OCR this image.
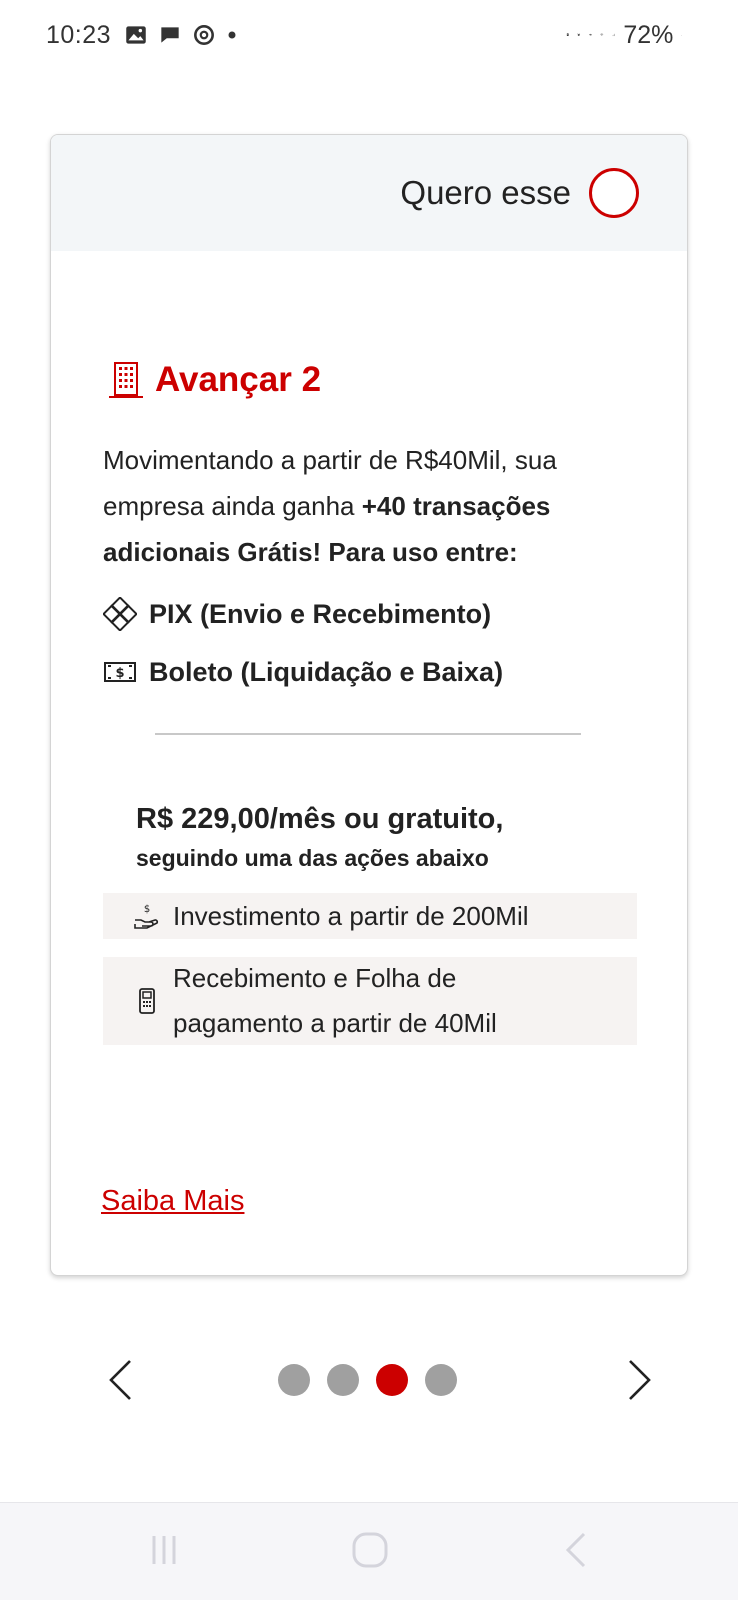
10:23	72%
Quero esse
Avançar 2

Movimentando a partir de R$40Mil, sua empresa ainda ganha +40 transações adicionais Grátis! Para uso entre:

PIX (Envio e Recebimento)
$ Boleto (Liquidação e Baixa)
R$ 229,00/mês ou gratuito,
seguindo uma das ações abaixo
$ Investimento a partir de 200Mil
Recebimento e Folha de pagamento a partir de 40Mil
Saiba Mais
